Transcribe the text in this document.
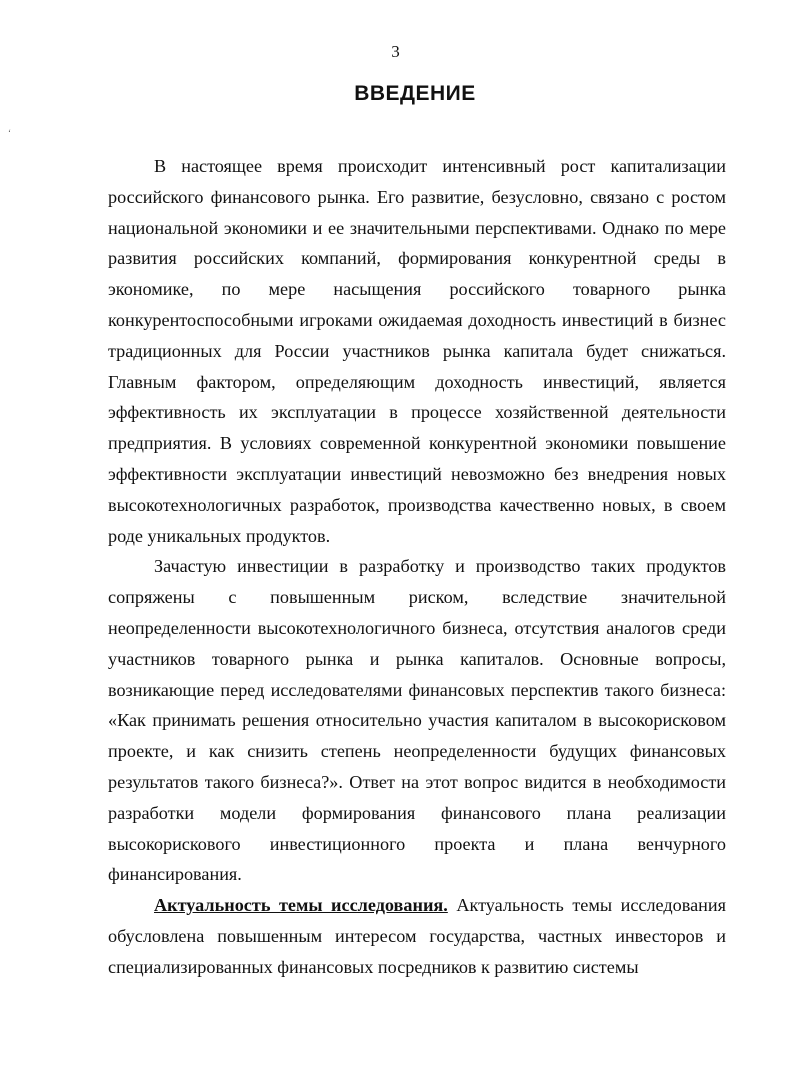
3
ВВЕДЕНИЕ
‘

В настоящее время происходит интенсивный рост капитализации российского финансового рынка. Его развитие, безусловно, связано с ростом национальной экономики и ее значительными перспективами. Однако по мере развития российских компаний, формирования конкурентной среды в экономике, по мере насыщения российского товарного рынка конкурентоспособными игроками ожидаемая доходность инвестиций в бизнес традиционных для России участников рынка капитала будет снижаться. Главным фактором, определяющим доходность инвестиций, является эффективность их эксплуатации в процессе хозяйственной деятельности предприятия. В условиях современной конкурентной экономики повышение эффективности эксплуатации инвестиций невозможно без внедрения новых высокотехнологичных разработок, производства качественно новых, в своем роде уникальных продуктов.

Зачастую инвестиции в разработку и производство таких продуктов сопряжены с повышенным риском, вследствие значительной неопределенности высокотехнологичного бизнеса, отсутствия аналогов среди участников товарного рынка и рынка капиталов. Основные вопросы, возникающие перед исследователями финансовых перспектив такого бизнеса: «Как принимать решения относительно участия капиталом в высокорисковом проекте, и как снизить степень неопределенности будущих финансовых результатов такого бизнеса?». Ответ на этот вопрос видится в необходимости разработки модели формирования финансового плана реализации высокорискового инвестиционного проекта и плана венчурного финансирования.

Актуальность темы исследования. Актуальность темы исследования обусловлена повышенным интересом государства, частных инвесторов и специализированных финансовых посредников к развитию системы
